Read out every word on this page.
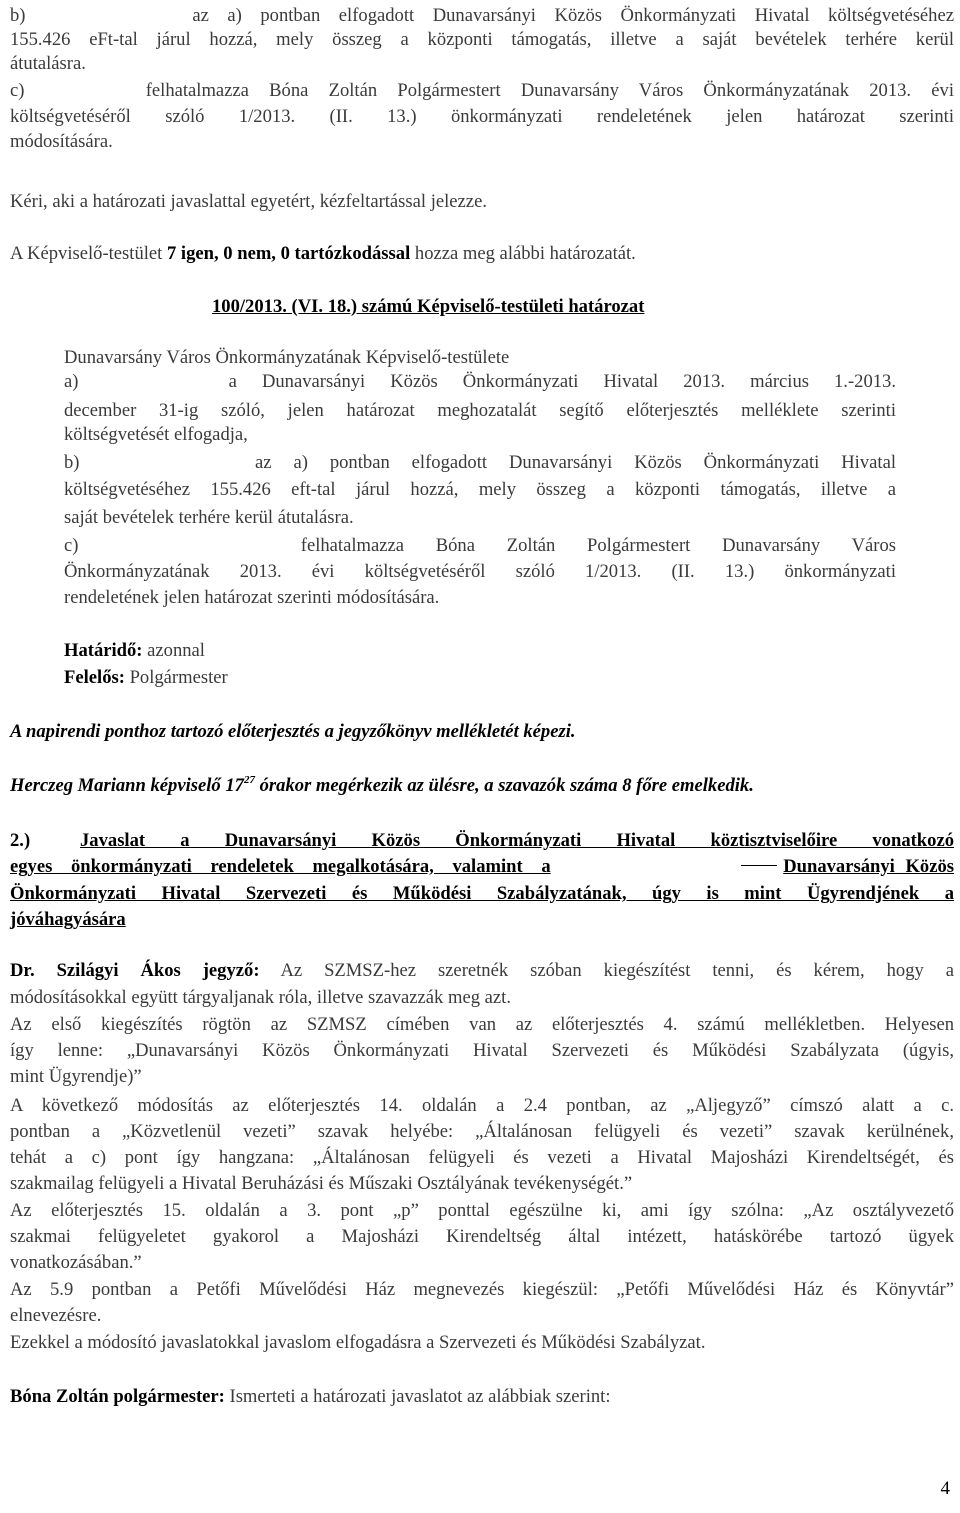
b)         az a) pontban elfogadott Dunavarsányi Közös Önkormányzati Hivatal költségvetéséhez
155.426 eFt-tal járul hozzá, mely összeg a központi támogatás, illetve a saját bevételek terhére kerül
átutalásra.
c)      felhatalmazza Bóna Zoltán Polgármestert Dunavarsány Város Önkormányzatának 2013. évi
költségvetéséről szóló 1/2013. (II. 13.) önkormányzati rendeletének jelen határozat szerinti
módosítására.
Kéri, aki a határozati javaslattal egyetért, kézfeltartással jelezze.
A Képviselő-testület 7 igen, 0 nem, 0 tartózkodással hozza meg alábbi határozatát.
100/2013. (VI. 18.) számú Képviselő-testületi határozat
Dunavarsány Város Önkormányzatának Képviselő-testülete
a)      a Dunavarsányi Közös Önkormányzati Hivatal 2013. március 1.-2013.
december 31-ig szóló, jelen határozat meghozatalát segítő előterjesztés melléklete szerinti
költségvetését elfogadja,
b)        az a) pontban elfogadott Dunavarsányi Közös Önkormányzati Hivatal
költségvetéséhez 155.426 eft-tal járul hozzá, mely összeg a központi támogatás, illetve a
saját bevételek terhére kerül átutalásra.
c)       felhatalmazza Bóna Zoltán Polgármestert Dunavarsány Város
Önkormányzatának 2013. évi költségvetéséről szóló 1/2013. (II. 13.) önkormányzati
rendeletének jelen határozat szerinti módosítására.
Határidő: azonnal
Felelős: Polgármester
A napirendi ponthoz tartozó előterjesztés a jegyzőkönyv mellékletét képezi.
Herczeg Mariann képviselő $17^{27}$ órakor megérkezik az ülésre, a szavazók száma 8 főre emelkedik.
2.)	Javaslat a Dunavarsányi Közös Önkormányzati Hivatal köztisztviselőire vonatkozó
egyes önkormányzati rendeletek megalkotására, valamint a	Dunavarsányi Közös
Önkormányzati Hivatal Szervezeti és Működési Szabályzatának, úgy is mint Ügyrendjének a
jóváhagyására
Dr. Szilágyi Ákos jegyző: Az SZMSZ-hez szeretnék szóban kiegészítést tenni, és kérem, hogy a
módosításokkal együtt tárgyaljanak róla, illetve szavazzák meg azt.
Az első kiegészítés rögtön az SZMSZ címében van az előterjesztés 4. számú mellékletben. Helyesen
így lenne: „Dunavarsányi Közös Önkormányzati Hivatal Szervezeti és Működési Szabályzata (úgyis,
mint Ügyrendje)”
A következő módosítás az előterjesztés 14. oldalán a 2.4 pontban, az „Aljegyző” címszó alatt a c.
pontban a „Közvetlenül vezeti” szavak helyébe: „Általánosan felügyeli és vezeti” szavak kerülnének,
tehát a c) pont így hangzana: „Általánosan felügyeli és vezeti a Hivatal Majosházi Kirendeltségét, és
szakmailag felügyeli a Hivatal Beruházási és Műszaki Osztályának tevékenységét.”
Az előterjesztés 15. oldalán a 3. pont „p” ponttal egészülne ki, ami így szólna: „Az osztályvezető
szakmai felügyeletet gyakorol a Majosházi Kirendeltség által intézett, hatáskörébe tartozó ügyek
vonatkozásában.”
Az 5.9 pontban a Petőfi Művelődési Ház megnevezés kiegészül: „Petőfi Művelődési Ház és Könyvtár”
elnevezésre.
Ezekkel a módosító javaslatokkal javaslom elfogadásra a Szervezeti és Működési Szabályzat.
Bóna Zoltán polgármester: Ismerteti a határozati javaslatot az alábbiak szerint:
4
